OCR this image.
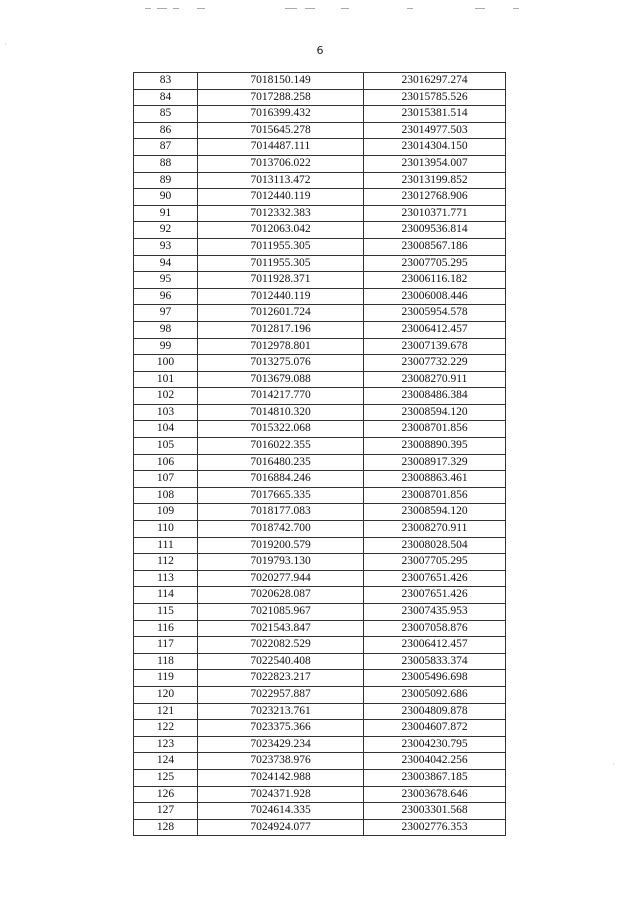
·
·
6
83	7018150.149	23016297.274
84	7017288.258	23015785.526
85	7016399.432	23015381.514
86	7015645.278	23014977.503
87	7014487.111	23014304.150
88	7013706.022	23013954.007
89	7013113.472	23013199.852
90	7012440.119	23012768.906
91	7012332.383	23010371.771
92	7012063.042	23009536.814
93	7011955.305	23008567.186
94	7011955.305	23007705.295
95	7011928.371	23006116.182
96	7012440.119	23006008.446
97	7012601.724	23005954.578
98	7012817.196	23006412.457
99	7012978.801	23007139.678
100	7013275.076	23007732.229
101	7013679.088	23008270.911
102	7014217.770	23008486.384
103	7014810.320	23008594.120
104	7015322.068	23008701.856
105	7016022.355	23008890.395
106	7016480.235	23008917.329
107	7016884.246	23008863.461
108	7017665.335	23008701.856
109	7018177.083	23008594.120
110	7018742.700	23008270.911
111	7019200.579	23008028.504
112	7019793.130	23007705.295
113	7020277.944	23007651.426
114	7020628.087	23007651.426
115	7021085.967	23007435.953
116	7021543.847	23007058.876
117	7022082.529	23006412.457
118	7022540.408	23005833.374
119	7022823.217	23005496.698
120	7022957.887	23005092.686
121	7023213.761	23004809.878
122	7023375.366	23004607.872
123	7023429.234	23004230.795
124	7023738.976	23004042.256
125	7024142.988	23003867.185
126	7024371.928	23003678.646
127	7024614.335	23003301.568
128	7024924.077	23002776.353
